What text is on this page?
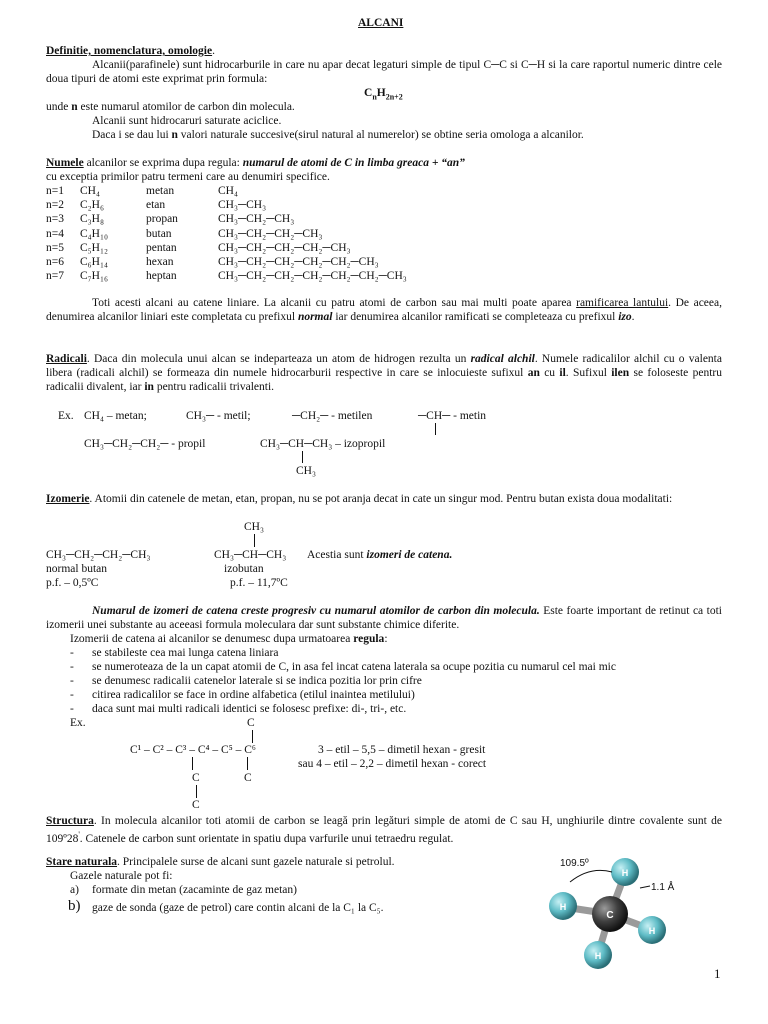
ALCANI
Definitie, nomenclatura, omologie.
Alcanii(parafinele) sunt hidrocarburile in care nu apar decat legaturi simple de tipul C─C si C─H si la care raportul numeric dintre cele doua tipuri de atomi este exprimat prin formula:
$C_nH_{2n+2}$
unde n este numarul atomilor de carbon din molecula.
Alcanii sunt hidrocaruri saturate aciclice.
Daca i se dau lui n valori naturale succesive(sirul natural al numerelor) se obtine seria omologa a alcanilor.
Numele alcanilor se exprima dupa regula: numarul de atomi de C in limba greaca + “an”
cu exceptia primilor patru termeni care au denumiri specifice.
n=1 CH₄	metan	CH₄
n=2 C₂H₆	etan	CH₃─CH₃
n=3 C₃H₈	propan	CH₃─CH₂─CH₃
n=4 C₄H₁₀	butan	CH₃─CH₂─CH₂─CH₃
n=5 C₅H₁₂	pentan	CH₃─CH₂─CH₂─CH₂─CH₃
n=6 C₆H₁₄	hexan	CH₃─CH₂─CH₂─CH₂─CH₂─CH₃
n=7 C₇H₁₆	heptan	CH₃─CH₂─CH₂─CH₂─CH₂─CH₂─CH₃
Toti acesti alcani au catene liniare. La alcanii cu patru atomi de carbon sau mai multi poate aparea ramificarea lantului. De aceea, denumirea alcanilor liniari este completata cu prefixul normal iar denumirea alcanilor ramificati se completeaza cu prefixul izo.
Radicali. Daca din molecula unui alcan se indeparteaza un atom de hidrogen rezulta un radical alchil. Numele radicalilor alchil cu o valenta libera (radicali alchil) se formeaza din numele hidrocarburii respective in care se inlocuieste sufixul an cu il. Sufixul ilen se foloseste pentru radicalii divalent, iar in pentru radicalii trivalenti.
Ex. CH₄ – metan;	CH₃─ - metil;	─CH₂─ - metilen	─CH─ - metin
CH₃─CH₂─CH₂─ - propil	CH₃─CH─CH₃ – izopropil
CH₃
Izomerie. Atomii din catenele de metan, etan, propan, nu se pot aranja decat in cate un singur mod. Pentru butan exista doua modalitati:
CH₃
CH₃─CH₂─CH₂─CH₃	CH₃─CH─CH₃ Acestia sunt izomeri de catena.
normal butan	izobutan
p.f. – 0,5ºC	p.f. – 11,7ºC
Numarul de izomeri de catena creste progresiv cu numarul atomilor de carbon din molecula. Este foarte important de retinut ca toti izomerii unei substante au aceeasi formula moleculara dar sunt substante chimice diferite.
Izomerii de catena ai alcanilor se denumesc dupa urmatoarea regula:
- se stabileste cea mai lunga catena liniara
- se numeroteaza de la un capat atomii de C, in asa fel incat catena laterala sa ocupe pozitia cu numarul cel mai mic
- se denumesc radicalii catenelor laterale si se indica pozitia lor prin cifre
- citirea radicalilor se face in ordine alfabetica (etilul inaintea metilului)
- daca sunt mai multi radicali identici se folosesc prefixe: di-, tri-, etc.
Ex.	C
C¹ – C² – C³ – C⁴ – C⁵ – C⁶
C	C
C
3 – etil – 5,5 – dimetil hexan - gresit
sau 4 – etil – 2,2 – dimetil hexan - corect
Structura. In molecula alcanilor toti atomii de carbon se leagă prin legături simple de atomi de C sau H, unghiurile dintre covalente sunt de 109º28'. Catenele de carbon sunt orientate in spatiu dupa varfurile unui tetraedru regulat.
Stare naturala. Principalele surse de alcani sunt gazele naturale si petrolul.
Gazele naturale pot fi:
a) formate din metan (zacaminte de gaz metan)
b) gaze de sonda (gaze de petrol) care contin alcani de la C₁ la C₅.
C
H
H
H
H
109.5º
1.1 Å
1
